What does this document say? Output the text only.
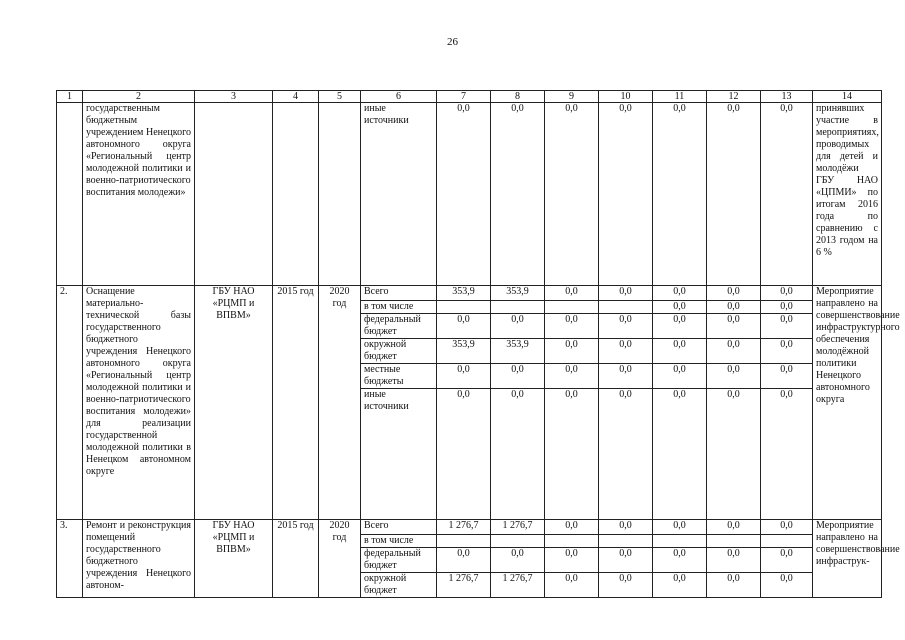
26
1	2	3	4	5	6	7	8	9	10	11	12	13	14
	государственным бюджетным учреждением Ненецкого автономного округа «Региональный центр молодежной политики и военно-патриотического воспитания молодежи»				иные источники	0,0	0,0	0,0	0,0	0,0	0,0	0,0	принявших участие в мероприятиях, проводимых для детей и молодёжи ГБУ НАО «ЦПМИ» по итогам 2016 года по сравнению с 2013 годом на 6 %
2.	Оснащение материально-технической базы государственного бюджетного учреждения Ненецкого автономного округа «Региональный центр молодежной политики и военно-патриотического воспитания молодежи» для реализации государственной молодежной политики в Ненецком автономном округе	ГБУ НАО «РЦМП и ВПВМ»	2015 год	2020 год	Всего	353,9	353,9	0,0	0,0	0,0	0,0	0,0	Мероприятие направлено на совершенствование инфраструктурного обеспечения молодёжной политики Ненецкого автономного округа
					в том числе					0,0	0,0	0,0	
					федеральный бюджет	0,0	0,0	0,0	0,0	0,0	0,0	0,0	
					окружной бюджет	353,9	353,9	0,0	0,0	0,0	0,0	0,0	
					местные бюджеты	0,0	0,0	0,0	0,0	0,0	0,0	0,0	
					иные источники	0,0	0,0	0,0	0,0	0,0	0,0	0,0	
3.	Ремонт и реконструкция помещений государственного бюджетного учреждения Ненецкого автоном-	ГБУ НАО «РЦМП и ВПВМ»	2015 год	2020 год	Всего	1 276,7	1 276,7	0,0	0,0	0,0	0,0	0,0	Мероприятие направлено на совершенствование инфраструк-
					в том числе								
					федеральный бюджет	0,0	0,0	0,0	0,0	0,0	0,0	0,0	
					окружной бюджет	1 276,7	1 276,7	0,0	0,0	0,0	0,0	0,0	
